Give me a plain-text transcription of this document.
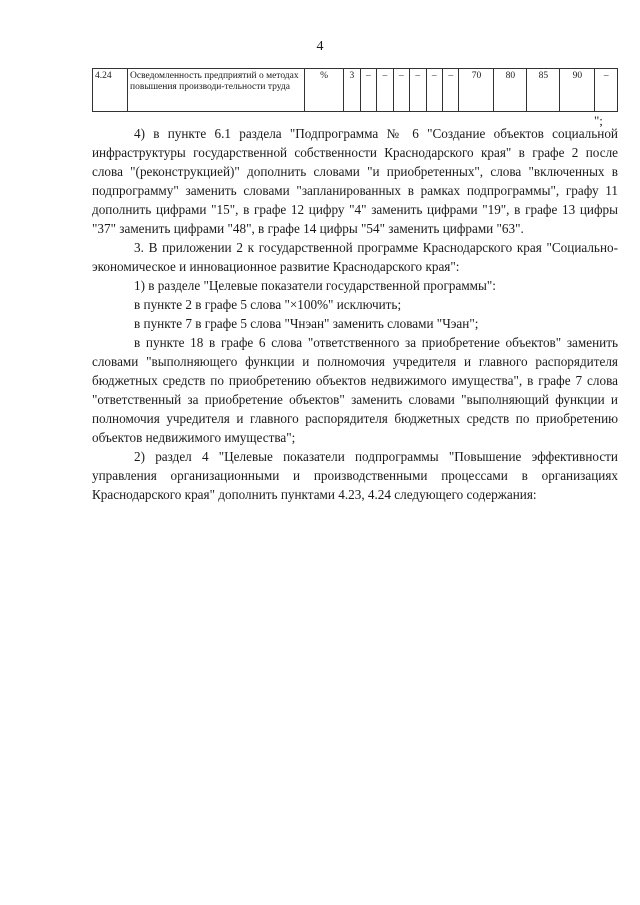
4
4.24	Осведомленность предприятий о методах повышения производи-тельности труда	%	3	–	–	–	–	–	–	70	80	85	90	–
";

4) в пункте 6.1 раздела "Подпрограмма № 6 "Создание объектов социальной инфраструктуры государственной собственности Краснодарского края" в графе 2 после слова "(реконструкцией)" дополнить словами "и приобретенных", слова "включенных в подпрограмму" заменить словами "запланированных в рамках подпрограммы", графу 11 дополнить цифрами "15", в графе 12 цифру "4" заменить цифрами "19", в графе 13 цифры "37" заменить цифрами "48", в графе 14 цифры "54" заменить цифрами "63".

3. В приложении 2 к государственной программе Краснодарского края "Социально-экономическое и инновационное развитие Краснодарского края":

1) в разделе "Целевые показатели государственной программы":

в пункте 2 в графе 5 слова "×100%" исключить;

в пункте 7 в графе 5 слова "Чнэан" заменить словами "Чэан";

в пункте 18 в графе 6 слова "ответственного за приобретение объектов" заменить словами "выполняющего функции и полномочия учредителя и главного распорядителя бюджетных средств по приобретению объектов недвижимого имущества", в графе 7 слова "ответственный за приобретение объектов" заменить словами "выполняющий функции и полномочия учредителя и главного распорядителя бюджетных средств по приобретению объектов недвижимого имущества";

2) раздел 4 "Целевые показатели подпрограммы "Повышение эффективности управления организационными и производственными процессами в организациях Краснодарского края" дополнить пунктами 4.23, 4.24 следующего содержания:
